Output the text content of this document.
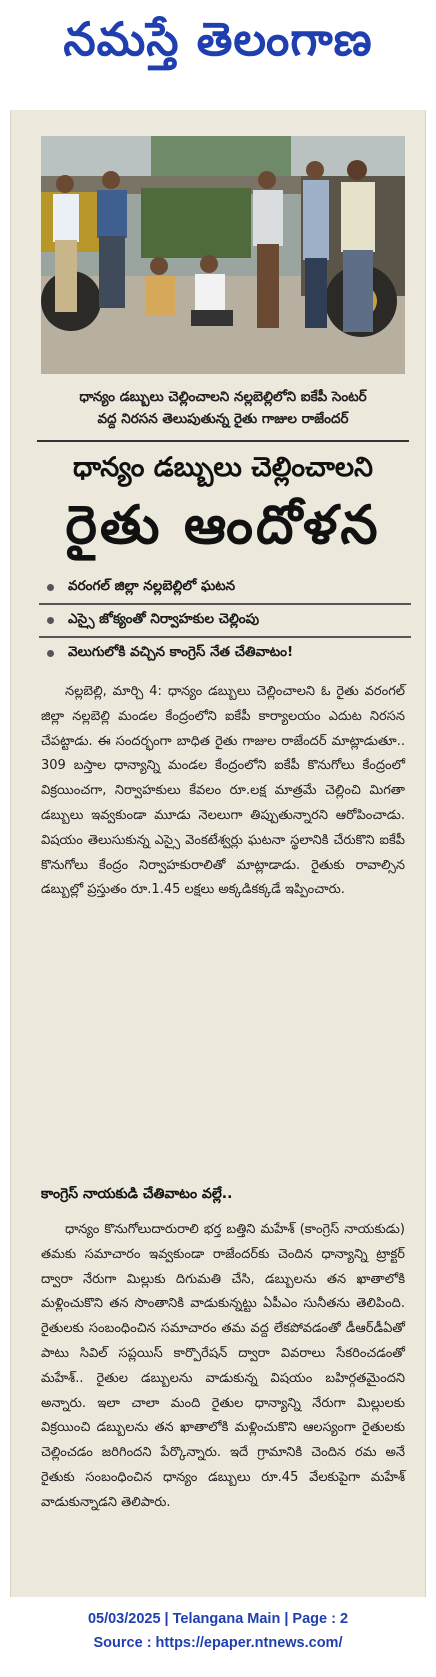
నమస్తే తెలంగాణ
ధాన్యం డబ్బులు చెల్లించాలని నల్లబెల్లిలోని ఐకేపీ సెంటర్
వద్ద నిరసన తెలుపుతున్న రైతు గాజుల రాజేందర్
ధాన్యం డబ్బులు చెల్లించాలని
రైతు ఆందోళన
వరంగల్ జిల్లా నల్లబెల్లిలో ఘటన
ఎస్సై జోక్యంతో నిర్వాహకుల చెల్లింపు
వెలుగులోకి వచ్చిన కాంగ్రెస్ నేత చేతివాటం!
నల్లబెల్లి, మార్చి 4: ధాన్యం డబ్బులు చెల్లించాలని ఓ రైతు వరంగల్ జిల్లా నల్లబెల్లి మండల కేంద్రంలోని ఐకేపీ కార్యాలయం ఎదుట నిరసన చేపట్టాడు. ఈ సందర్భంగా బాధిత రైతు గాజుల రాజేందర్ మాట్లాడుతూ.. 309 బస్తాల ధాన్యాన్ని మండల కేంద్రంలోని ఐకేపీ కొనుగోలు కేంద్రంలో విక్రయించగా, నిర్వాహకులు కేవలం రూ.లక్ష మాత్రమే చెల్లించి మిగతా డబ్బులు ఇవ్వకుండా మూడు నెలలుగా తిప్పుతున్నారని ఆరోపించాడు. విషయం తెలుసుకున్న ఎస్సై వెంకటేశ్వర్లు ఘటనా స్థలానికి చేరుకొని ఐకేపీ కొనుగోలు కేంద్రం నిర్వాహకురాలితో మాట్లాడాడు. రైతుకు రావాల్సిన డబ్బుల్లో ప్రస్తుతం రూ.1.45 లక్షలు అక్కడికక్కడే ఇప్పించారు.
కాంగ్రెస్ నాయకుడి చేతివాటం వల్లే..
ధాన్యం కొనుగోలుదారురాలి భర్త బత్తిని మహేశ్ (కాంగ్రెస్ నాయకుడు) తమకు సమాచారం ఇవ్వకుండా రాజేందర్‌కు చెందిన ధాన్యాన్ని ట్రాక్టర్ ద్వారా నేరుగా మిల్లుకు దిగుమతి చేసి, డబ్బులను తన ఖాతాలోకి మళ్లించుకొని తన సొంతానికి వాడుకున్నట్టు ఏపీఎం సునీతను తెలిపింది. రైతులకు సంబంధించిన సమాచారం తమ వద్ద లేకపోవడంతో డీఆర్‌డీఏతో పాటు సివిల్ సప్లయిస్ కార్పొరేషన్ ద్వారా వివరాలు సేకరించడంతో మహేశ్.. రైతుల డబ్బులను వాడుకున్న విషయం బహిర్గతమైందని అన్నారు. ఇలా చాలా మంది రైతుల ధాన్యాన్ని నేరుగా మిల్లులకు విక్రయించి డబ్బులను తన ఖాతాలోకి మళ్లించుకొని ఆలస్యంగా రైతులకు చెల్లించడం జరిగిందని పేర్కొన్నారు. ఇదే గ్రామానికి చెందిన రమ అనే రైతుకు సంబంధించిన ధాన్యం డబ్బులు రూ.45 వేలకుపైగా మహేశ్ వాడుకున్నాడని తెలిపారు.
05/03/2025 | Telangana Main | Page : 2
Source : https://epaper.ntnews.com/
